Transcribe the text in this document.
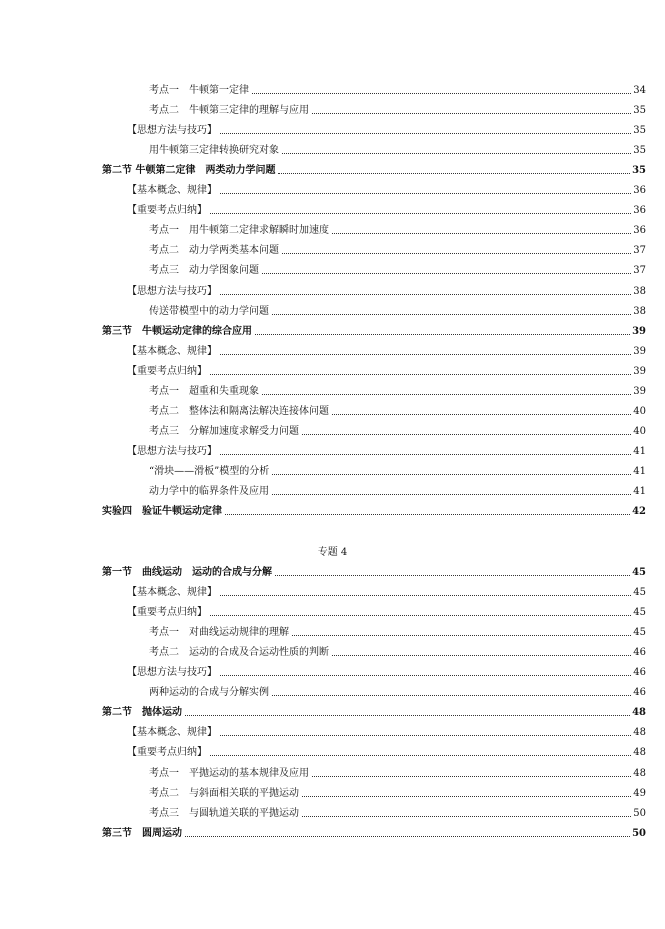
考点一　牛顿第一定律	34
考点二　牛顿第三定律的理解与应用	35
【思想方法与技巧】	35
用牛顿第三定律转换研究对象	35
第二节 牛顿第二定律　两类动力学问题	35
【基本概念、规律】	36
【重要考点归纳】	36
考点一　用牛顿第二定律求解瞬时加速度	36
考点二　动力学两类基本问题	37
考点三　动力学图象问题	37
【思想方法与技巧】	38
传送带模型中的动力学问题	38
第三节　牛顿运动定律的综合应用	39
【基本概念、规律】	39
【重要考点归纳】	39
考点一　超重和失重现象	39
考点二　整体法和隔离法解决连接体问题	40
考点三　分解加速度求解受力问题	40
【思想方法与技巧】	41
“滑块——滑板”模型的分析	41
动力学中的临界条件及应用	41
实验四　验证牛顿运动定律	42
专题 4
第一节　曲线运动　运动的合成与分解	45
【基本概念、规律】	45
【重要考点归纳】	45
考点一　对曲线运动规律的理解	45
考点二　运动的合成及合运动性质的判断	46
【思想方法与技巧】	46
两种运动的合成与分解实例	46
第二节　抛体运动	48
【基本概念、规律】	48
【重要考点归纳】	48
考点一　平抛运动的基本规律及应用	48
考点二　与斜面相关联的平抛运动	49
考点三　与圆轨道关联的平抛运动	50
第三节　圆周运动	50
